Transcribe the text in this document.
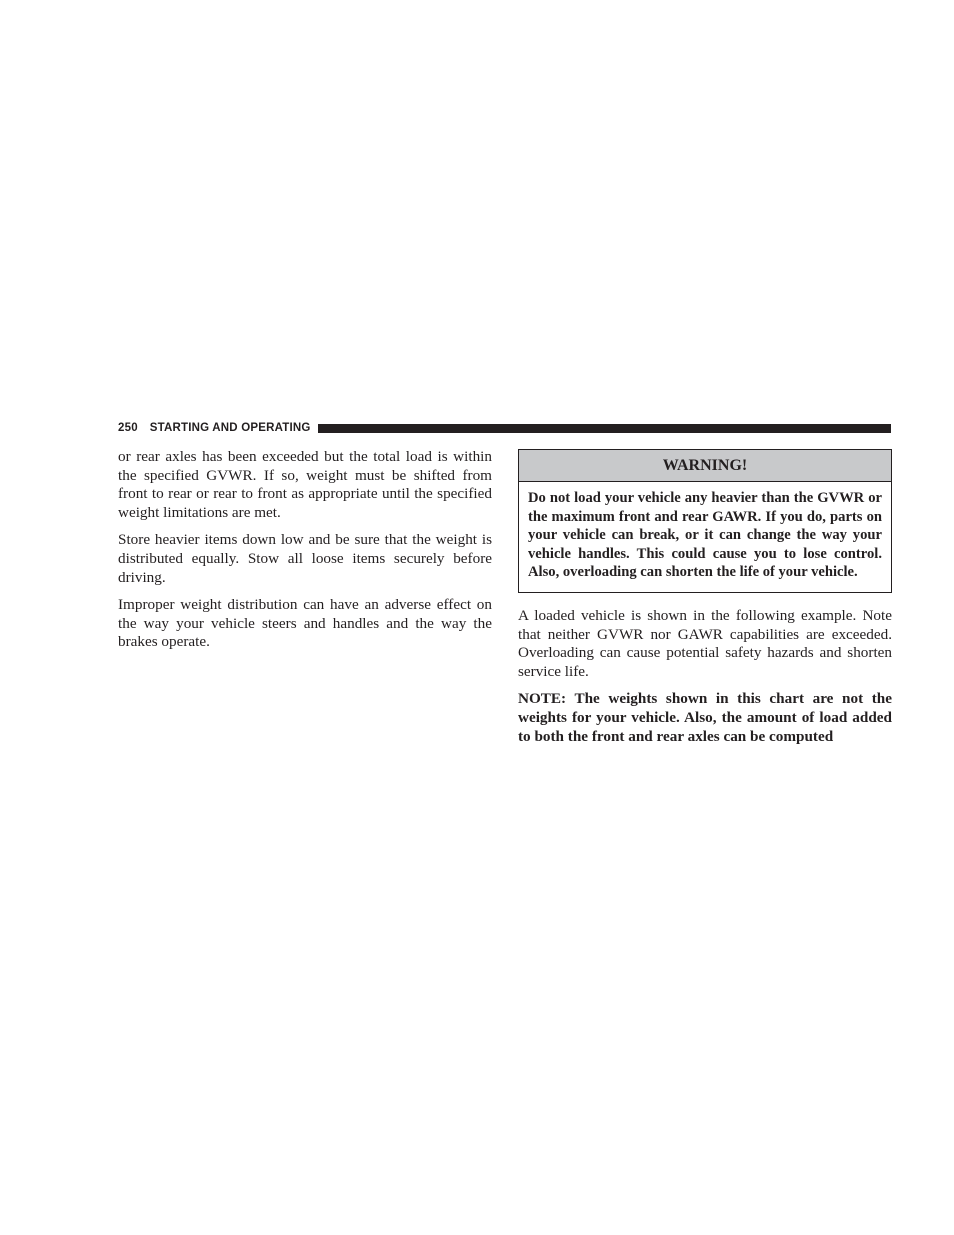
250 STARTING AND OPERATING

or rear axles has been exceeded but the total load is within the specified GVWR. If so, weight must be shifted from front to rear or rear to front as appropriate until the specified weight limitations are met.

Store heavier items down low and be sure that the weight is distributed equally. Stow all loose items securely before driving.

Improper weight distribution can have an adverse effect on the way your vehicle steers and handles and the way the brakes operate.

WARNING!
Do not load your vehicle any heavier than the GVWR or the maximum front and rear GAWR. If you do, parts on your vehicle can break, or it can change the way your vehicle handles. This could cause you to lose control. Also, overloading can shorten the life of your vehicle.

A loaded vehicle is shown in the following example. Note that neither GVWR nor GAWR capabilities are exceeded. Overloading can cause potential safety hazards and shorten service life.

NOTE: The weights shown in this chart are not the weights for your vehicle. Also, the amount of load added to both the front and rear axles can be computed
